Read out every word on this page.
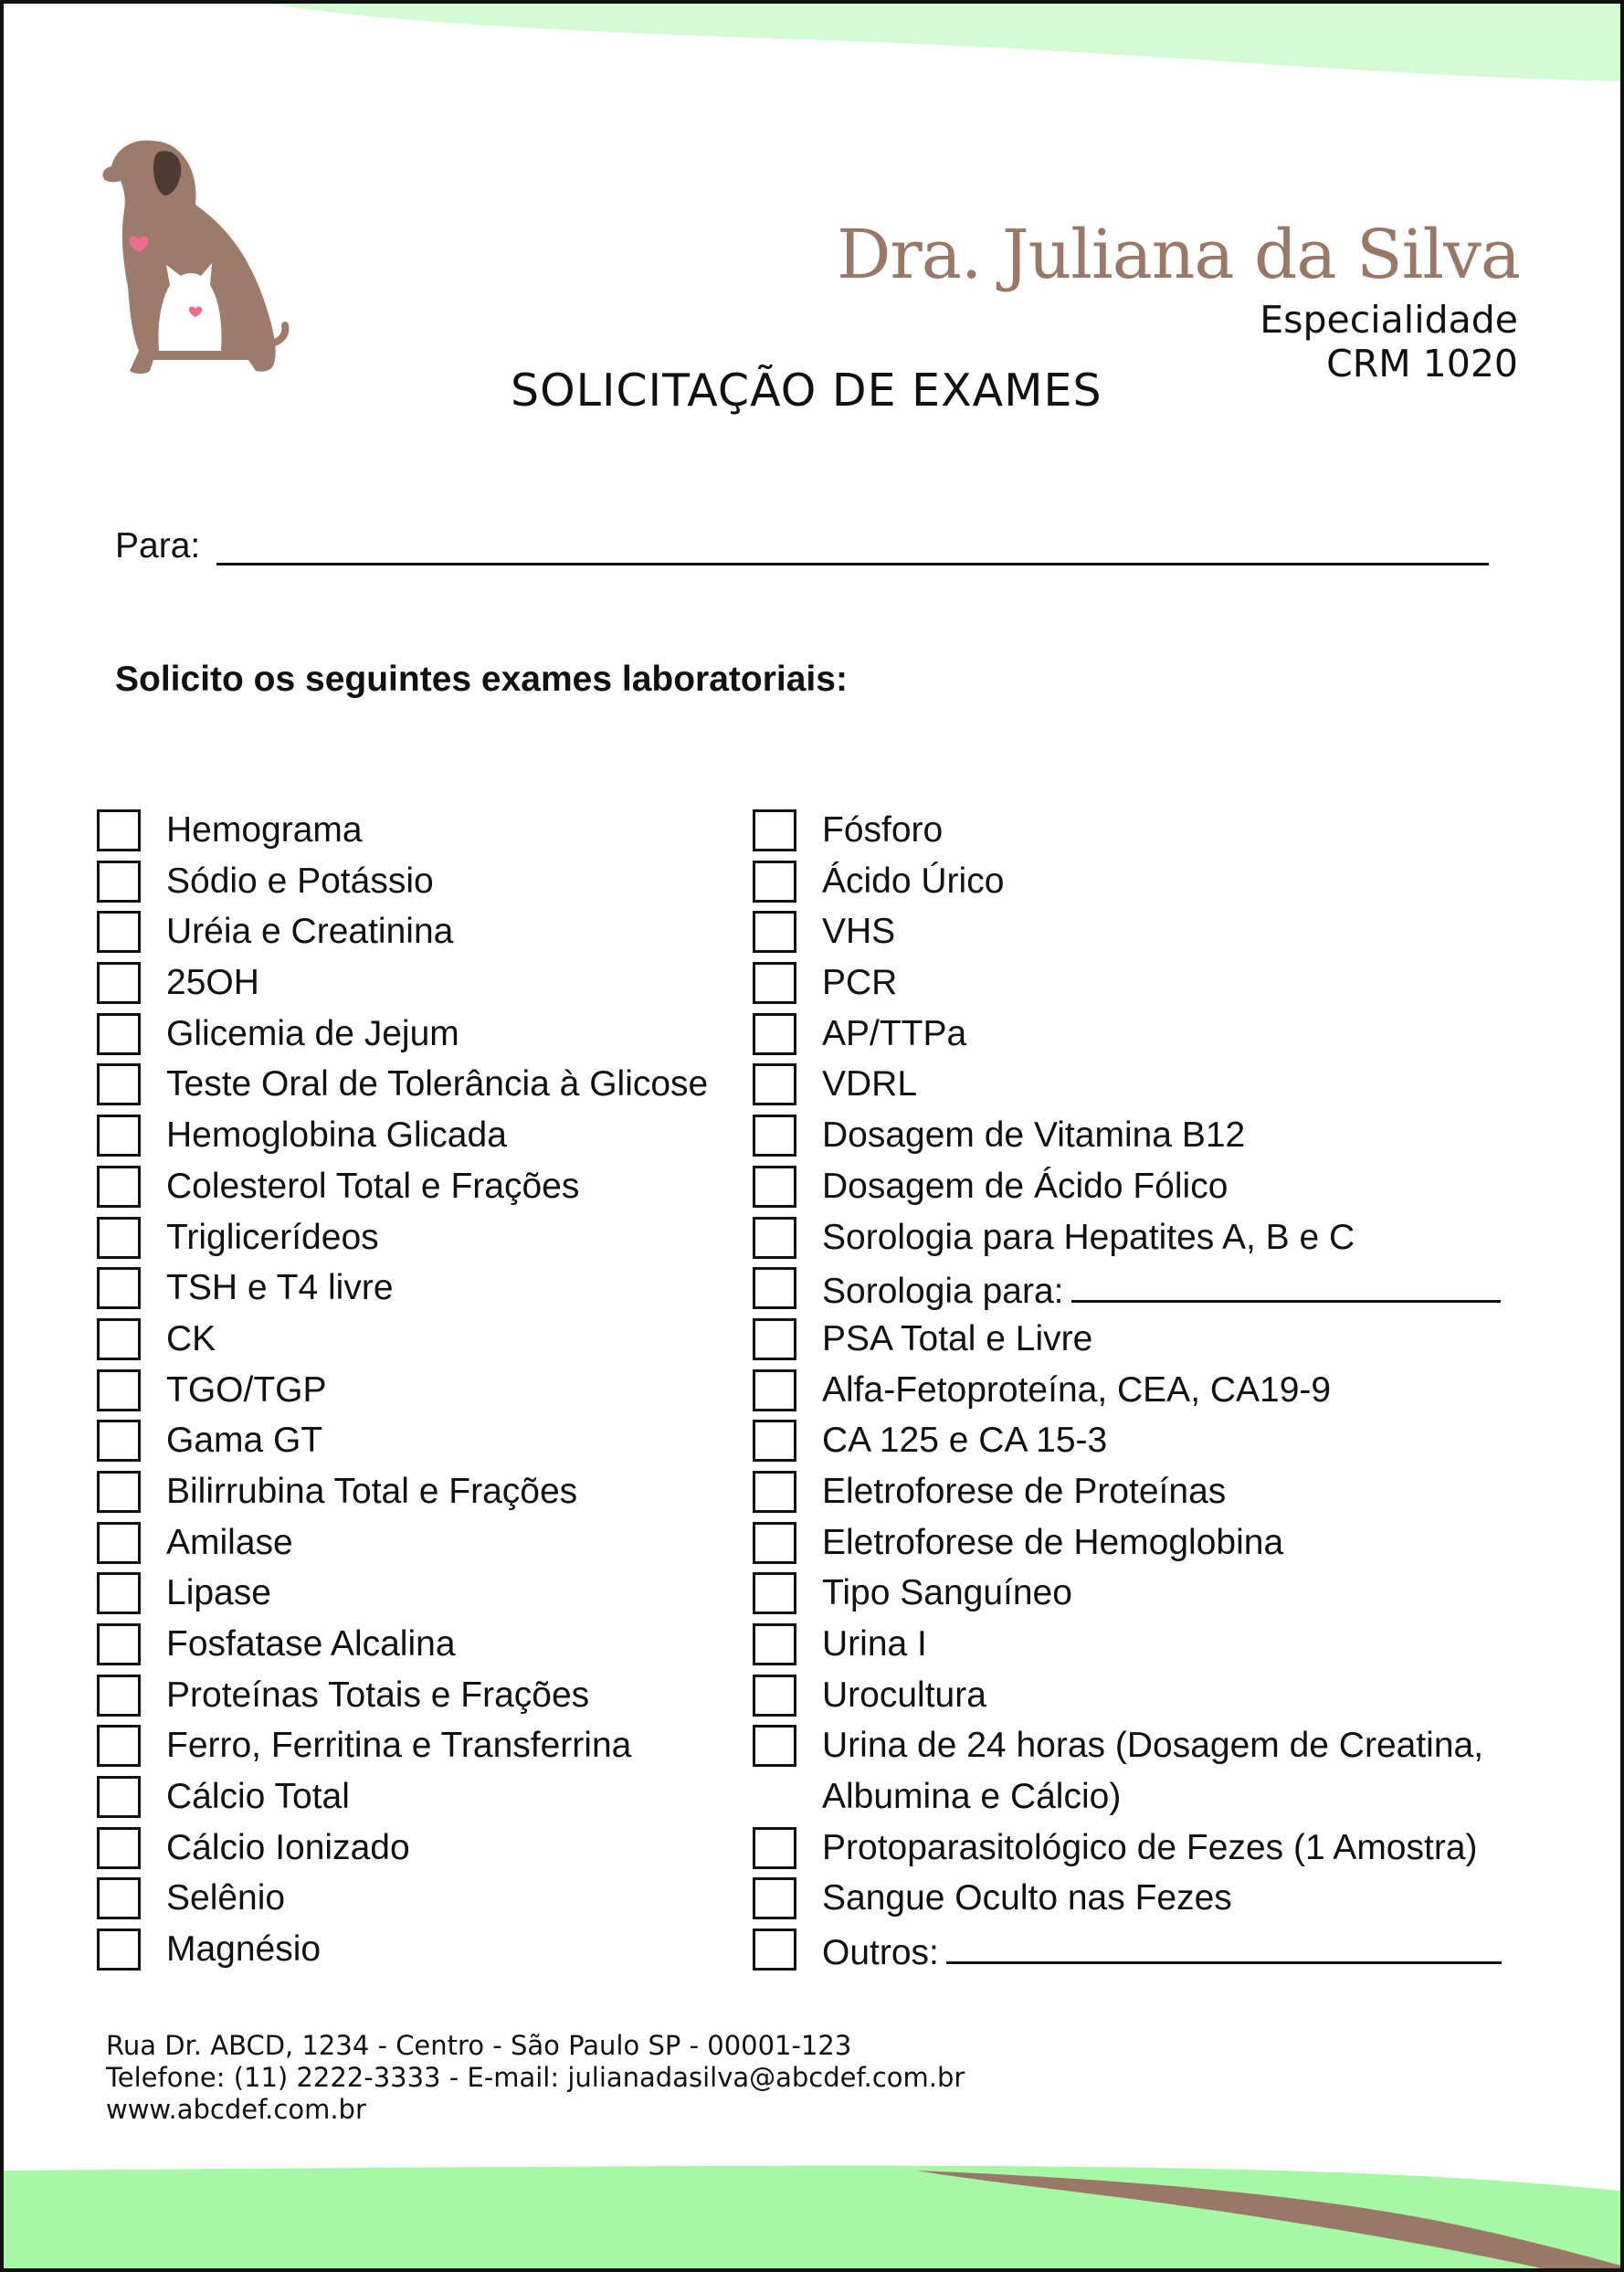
Dra. Juliana da Silva
Especialidade
CRM 1020
SOLICITAÇÃO DE EXAMES
Para:
Solicito os seguintes exames laboratoriais:
Hemograma
Sódio e Potássio
Uréia e Creatinina
25OH
Glicemia de Jejum
Teste Oral de Tolerância à Glicose
Hemoglobina Glicada
Colesterol Total e Frações
Triglicerídeos
TSH e T4 livre
CK
TGO/TGP
Gama GT
Bilirrubina Total e Frações
Amilase
Lipase
Fosfatase Alcalina
Proteínas Totais e Frações
Ferro, Ferritina e Transferrina
Cálcio Total
Cálcio Ionizado
Selênio
Magnésio
Fósforo
Ácido Úrico
VHS
PCR
AP/TTPa
VDRL
Dosagem de Vitamina B12
Dosagem de Ácido Fólico
Sorologia para Hepatites A, B e C
Sorologia para:
PSA Total e Livre
Alfa-Fetoproteína, CEA, CA19-9
CA 125 e CA 15-3
Eletroforese de Proteínas
Eletroforese de Hemoglobina
Tipo Sanguíneo
Urina I
Urocultura
Urina de 24 horas (Dosagem de Creatina,
Albumina e Cálcio)
Protoparasitológico de Fezes (1 Amostra)
Sangue Oculto nas Fezes
Outros:
Rua Dr. ABCD, 1234 - Centro - São Paulo SP - 00001-123
Telefone: (11) 2222-3333 - E-mail: julianadasilva@abcdef.com.br
www.abcdef.com.br
